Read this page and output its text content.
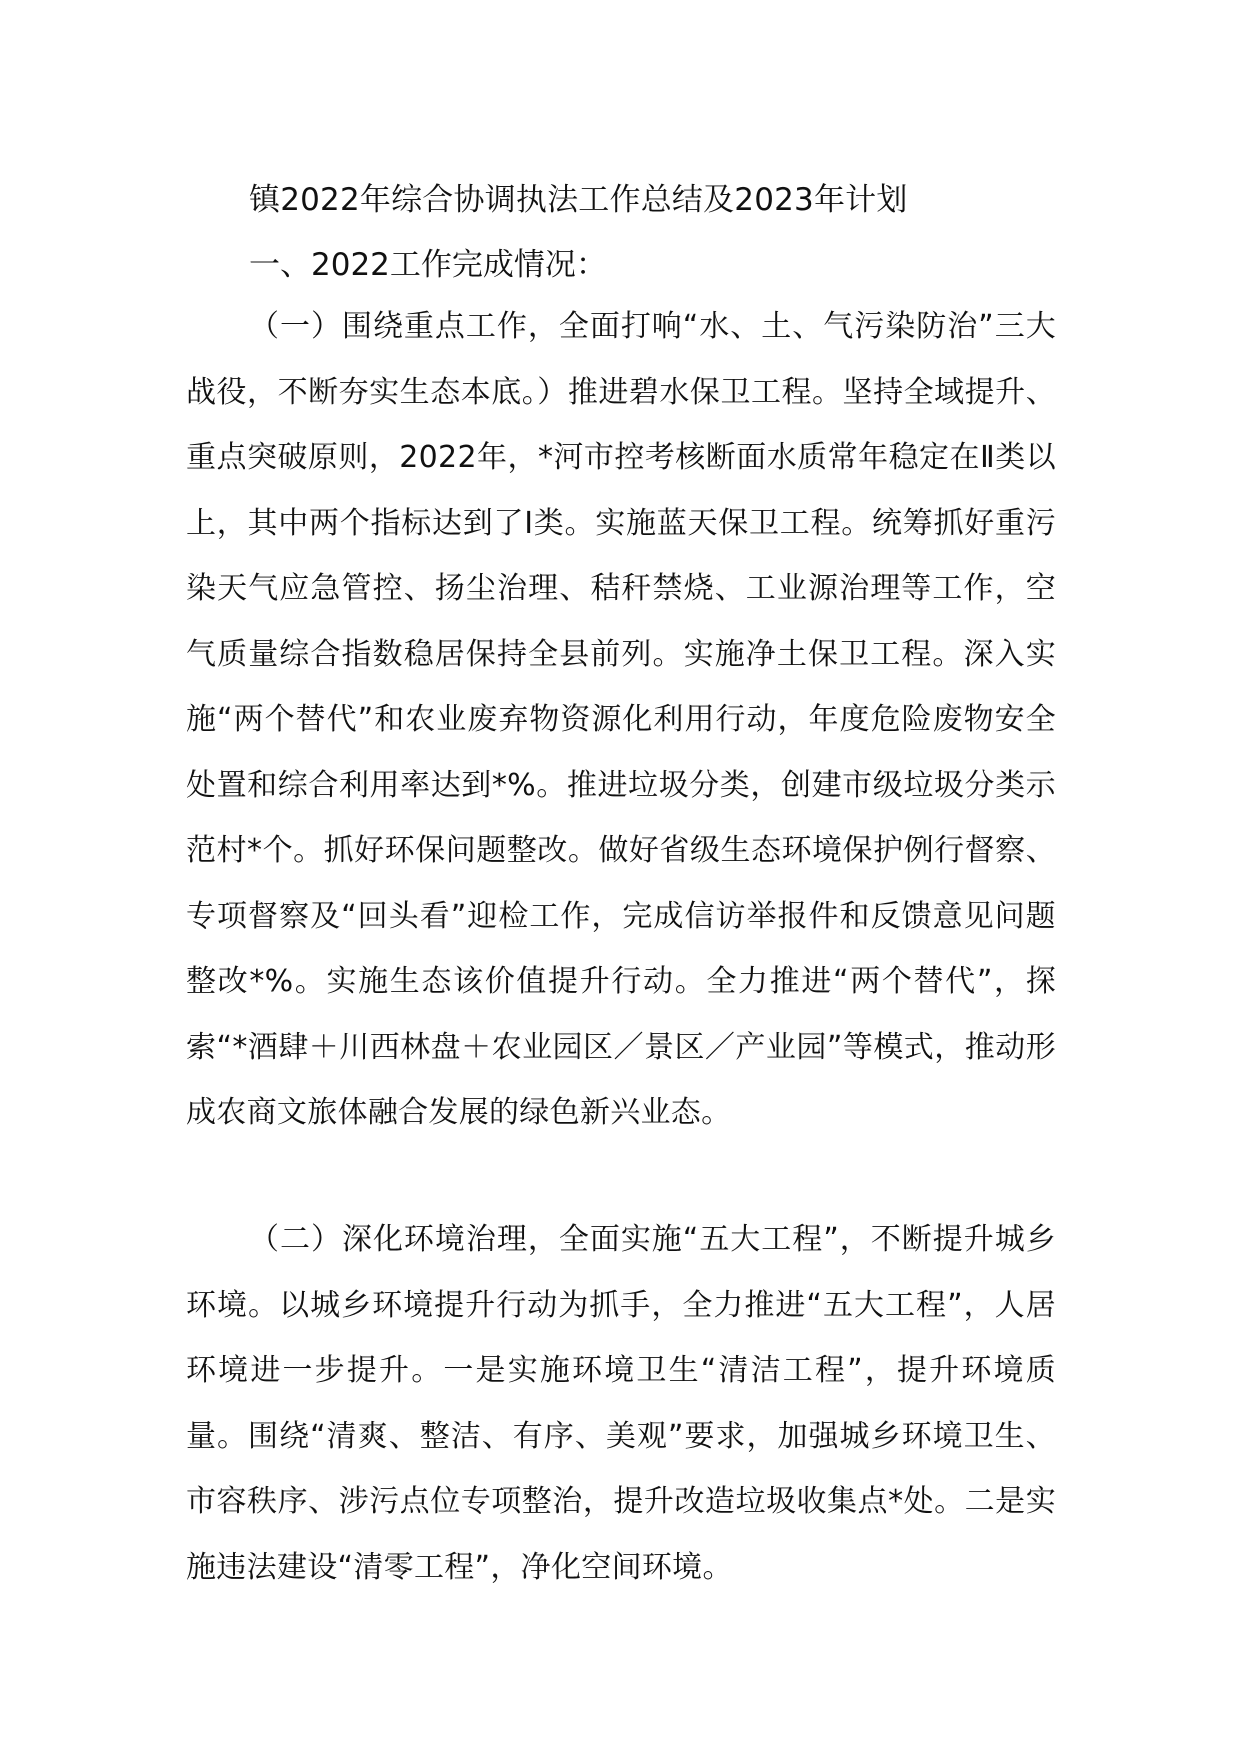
镇2022年综合协调执法工作总结及2023年计划
一、2022工作完成情况：

（一）围绕重点工作，全面打响“水、土、气污染防治”三大战役，不断夯实生态本底。）推进碧水保卫工程。坚持全域提升、重点突破原则，2022年，*河市控考核断面水质常年稳定在Ⅱ类以上，其中两个指标达到了Ⅰ类。实施蓝天保卫工程。统筹抓好重污染天气应急管控、扬尘治理、秸秆禁烧、工业源治理等工作，空气质量综合指数稳居保持全县前列。实施净土保卫工程。深入实施“两个替代”和农业废弃物资源化利用行动，年度危险废物安全处置和综合利用率达到*%。推进垃圾分类，创建市级垃圾分类示范村*个。抓好环保问题整改。做好省级生态环境保护例行督察、专项督察及“回头看”迎检工作，完成信访举报件和反馈意见问题整改*%。实施生态该价值提升行动。全力推进“两个替代”，探索“*酒肆＋川西林盘＋农业园区／景区／产业园”等模式，推动形成农商文旅体融合发展的绿色新兴业态。

（二）深化环境治理，全面实施“五大工程”，不断提升城乡环境。以城乡环境提升行动为抓手，全力推进“五大工程”，人居环境进一步提升。一是实施环境卫生“清洁工程”，提升环境质量。围绕“清爽、整洁、有序、美观”要求，加强城乡环境卫生、市容秩序、涉污点位专项整治，提升改造垃圾收集点*处。二是实施违法建设“清零工程”，净化空间环境。
